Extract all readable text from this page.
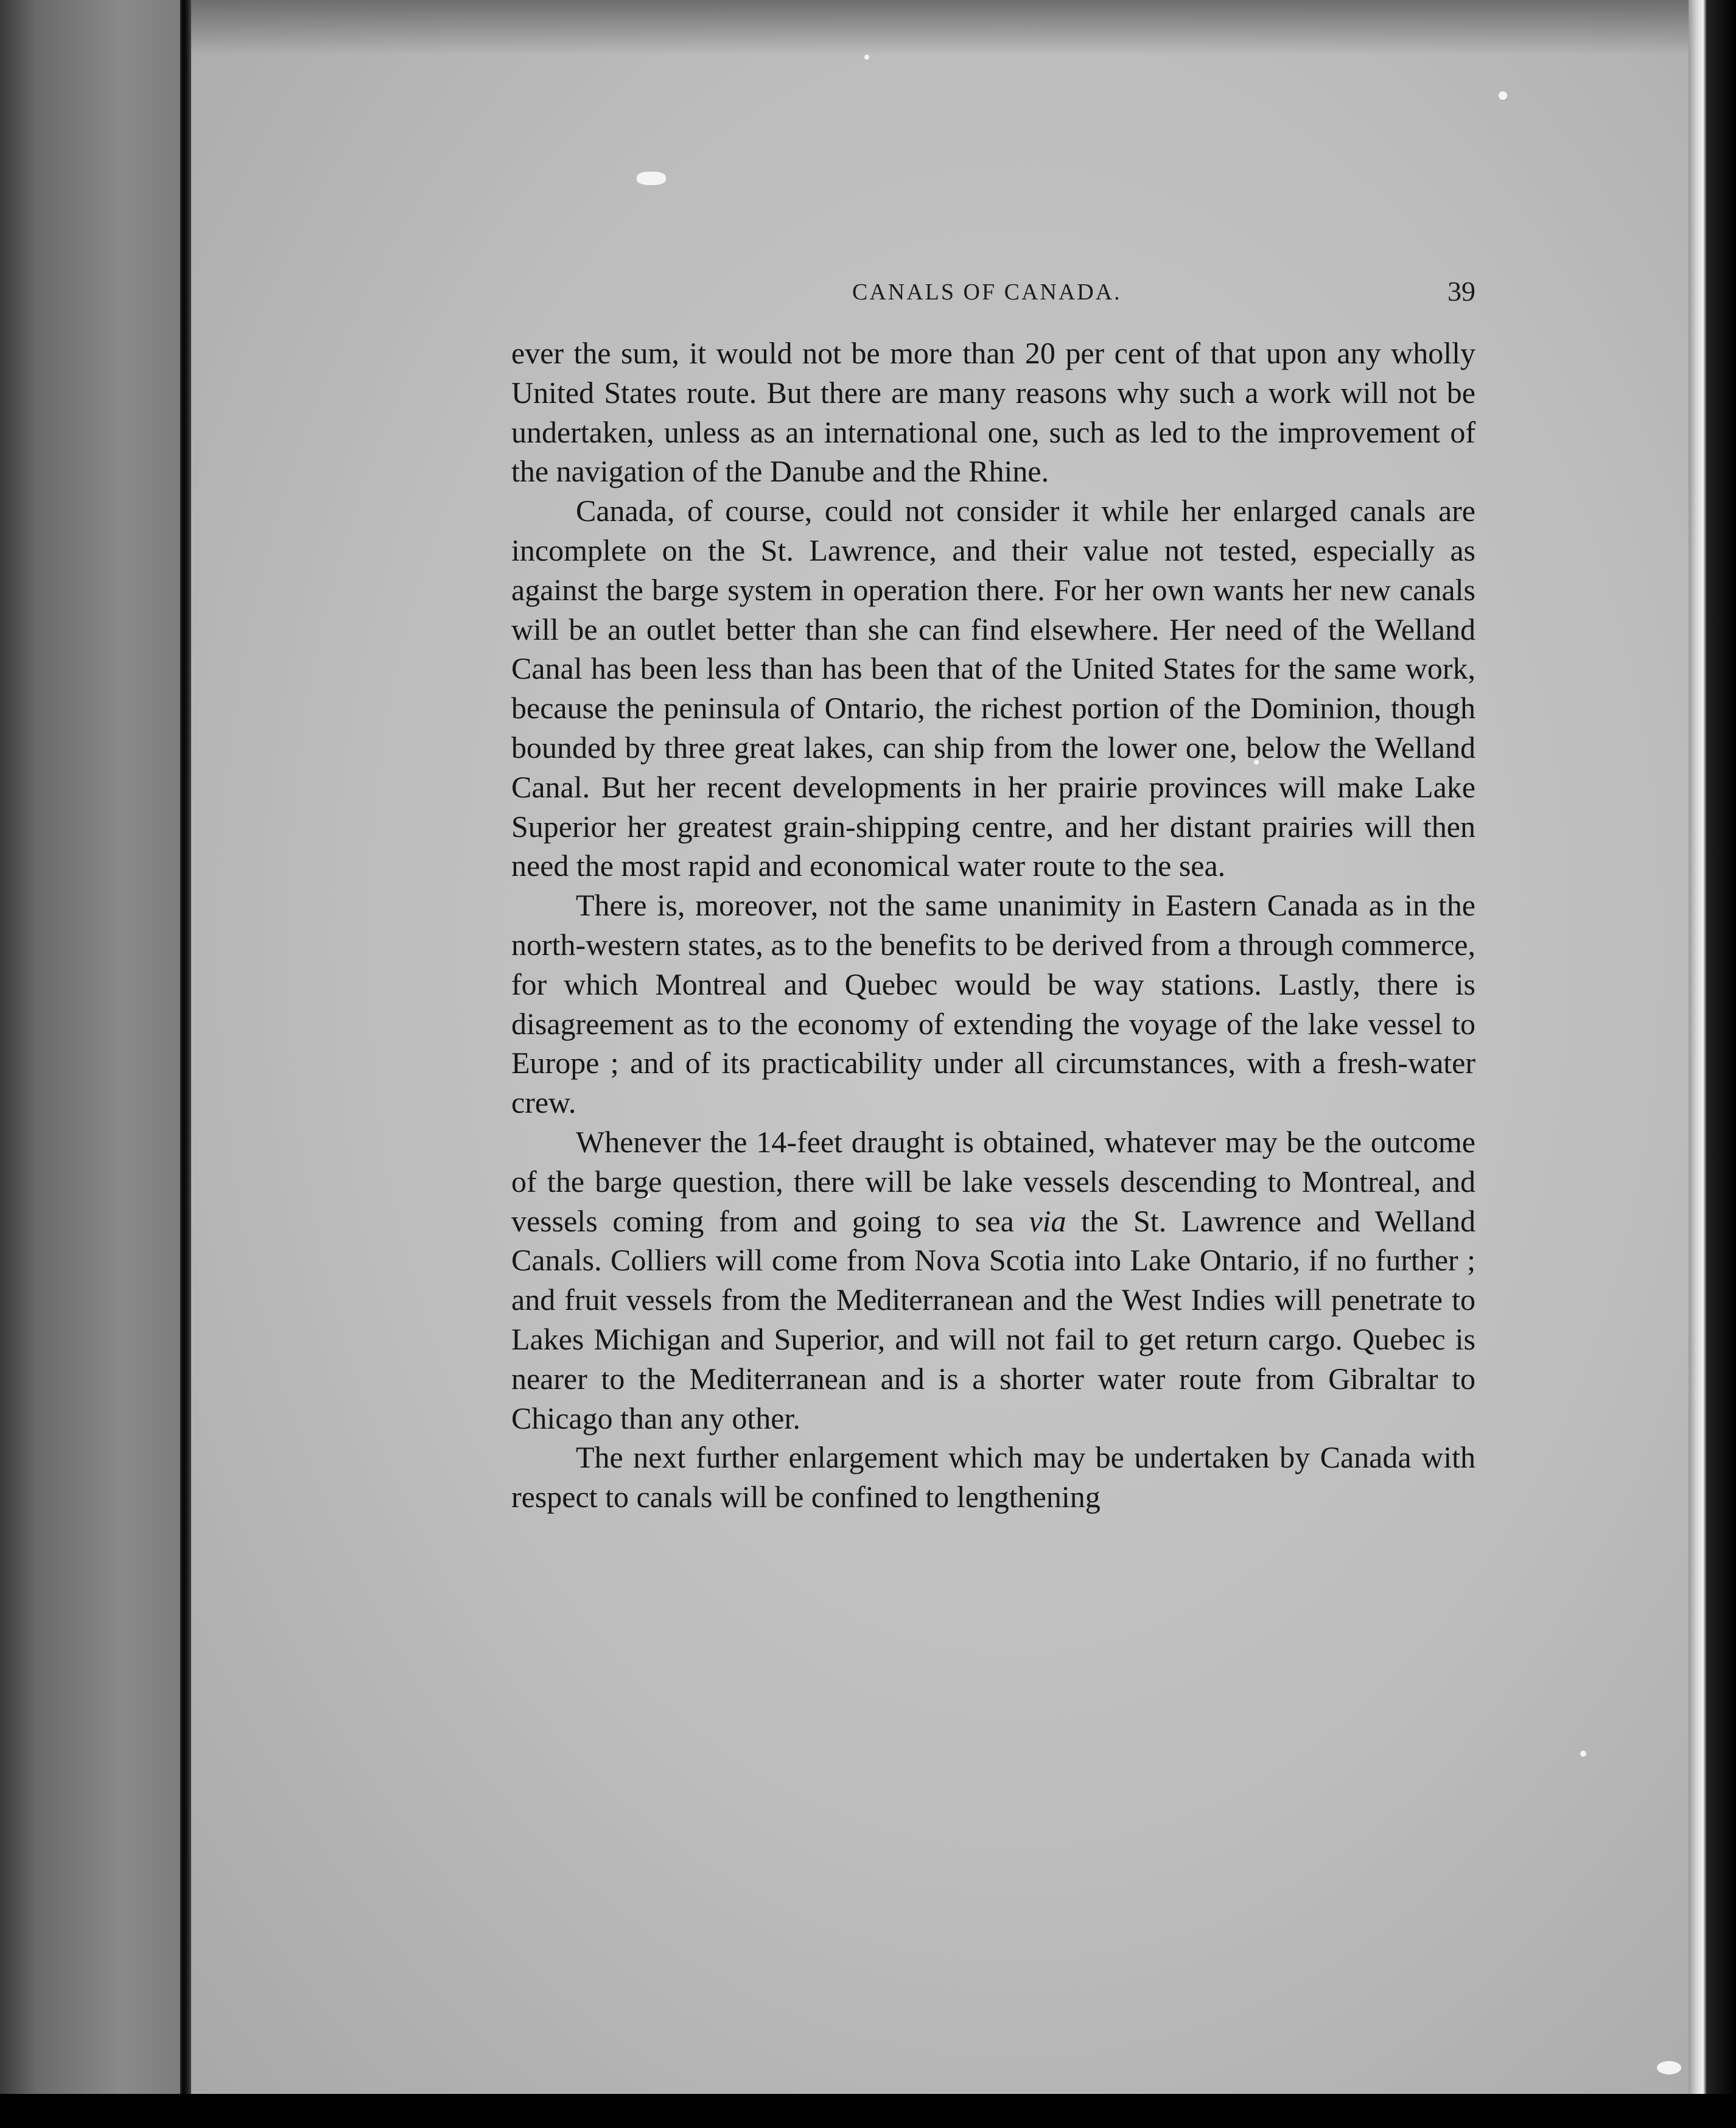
CANALS OF CANADA.	39

ever the sum, it would not be more than 20 per cent of that upon any wholly United States route. But there are many reasons why such a work will not be undertaken, unless as an international one, such as led to the improvement of the navigation of the Danube and the Rhine.

Canada, of course, could not consider it while her enlarged canals are incomplete on the St. Lawrence, and their value not tested, especially as against the barge system in operation there. For her own wants her new canals will be an outlet better than she can find elsewhere. Her need of the Welland Canal has been less than has been that of the United States for the same work, because the peninsula of Ontario, the richest portion of the Dominion, though bounded by three great lakes, can ship from the lower one, below the Welland Canal. But her recent developments in her prairie provinces will make Lake Superior her greatest grain-shipping centre, and her distant prairies will then need the most rapid and economical water route to the sea.

There is, moreover, not the same unanimity in Eastern Canada as in the north-western states, as to the benefits to be derived from a through commerce, for which Montreal and Quebec would be way stations. Lastly, there is disagreement as to the economy of extending the voyage of the lake vessel to Europe ; and of its practicability under all circumstances, with a fresh-water crew.

Whenever the 14-feet draught is obtained, whatever may be the outcome of the barge question, there will be lake vessels descending to Montreal, and vessels coming from and going to sea via the St. Lawrence and Welland Canals. Colliers will come from Nova Scotia into Lake Ontario, if no further ; and fruit vessels from the Mediterranean and the West Indies will penetrate to Lakes Michigan and Superior, and will not fail to get return cargo. Quebec is nearer to the Mediterranean and is a shorter water route from Gibraltar to Chicago than any other.

The next further enlargement which may be undertaken by Canada with respect to canals will be confined to lengthening
